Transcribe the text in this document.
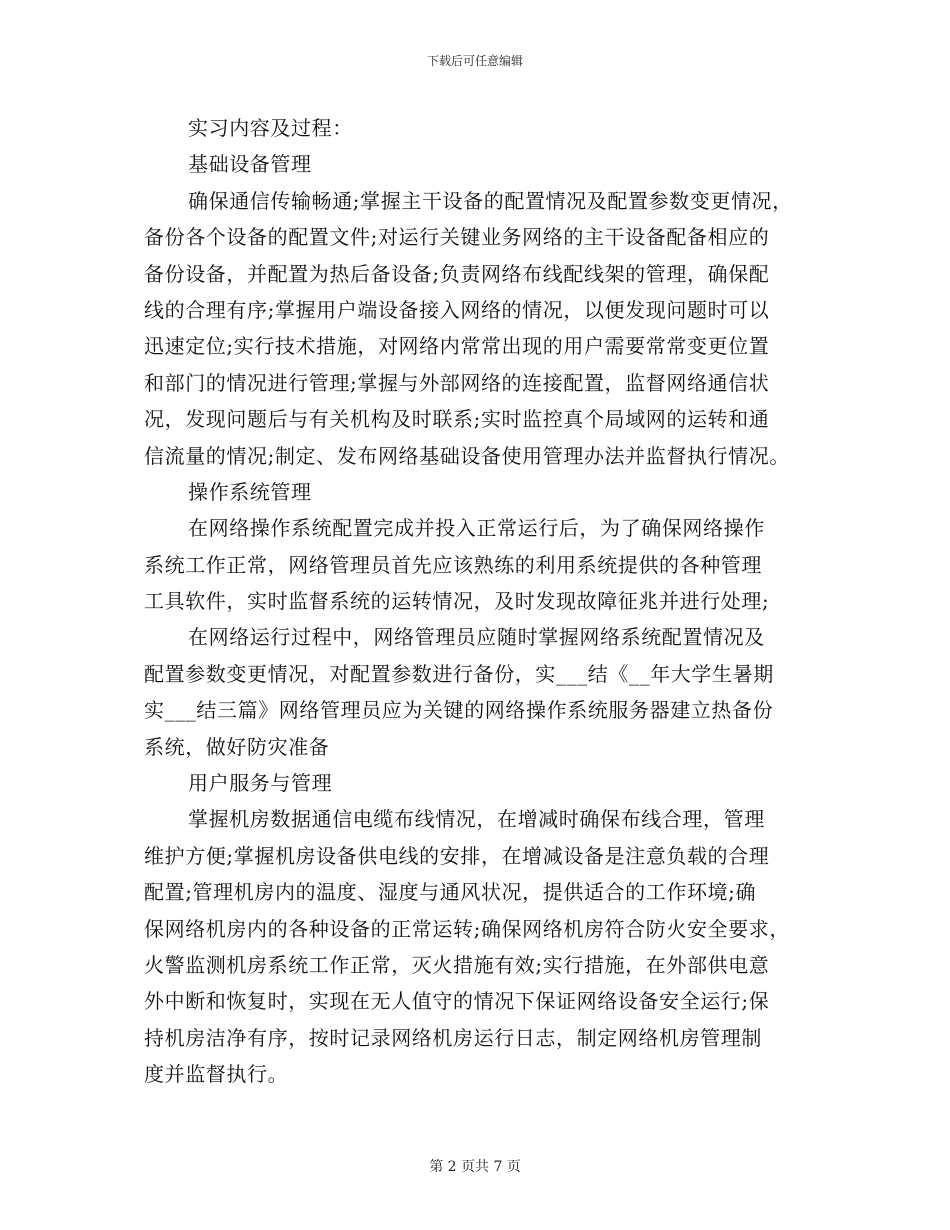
下载后可任意编辑
实习内容及过程：
基础设备管理
确保通信传输畅通;掌握主干设备的配置情况及配置参数变更情况，
备份各个设备的配置文件;对运行关键业务网络的主干设备配备相应的
备份设备，并配置为热后备设备;负责网络布线配线架的管理，确保配
线的合理有序;掌握用户端设备接入网络的情况，以便发现问题时可以
迅速定位;实行技术措施，对网络内常常出现的用户需要常常变更位置
和部门的情况进行管理;掌握与外部网络的连接配置，监督网络通信状
况，发现问题后与有关机构及时联系;实时监控真个局域网的运转和通
信流量的情况;制定、发布网络基础设备使用管理办法并监督执行情况。
操作系统管理
在网络操作系统配置完成并投入正常运行后，为了确保网络操作
系统工作正常，网络管理员首先应该熟练的利用系统提供的各种管理
工具软件，实时监督系统的运转情况，及时发现故障征兆并进行处理;
在网络运行过程中，网络管理员应随时掌握网络系统配置情况及
配置参数变更情况，对配置参数进行备份，实___结《__年大学生暑期
实___结三篇》网络管理员应为关键的网络操作系统服务器建立热备份
系统，做好防灾准备
用户服务与管理
掌握机房数据通信电缆布线情况，在增减时确保布线合理，管理
维护方便;掌握机房设备供电线的安排，在增减设备是注意负载的合理
配置;管理机房内的温度、湿度与通风状况，提供适合的工作环境;确
保网络机房内的各种设备的正常运转;确保网络机房符合防火安全要求，
火警监测机房系统工作正常，灭火措施有效;实行措施，在外部供电意
外中断和恢复时，实现在无人值守的情况下保证网络设备安全运行;保
持机房洁净有序，按时记录网络机房运行日志，制定网络机房管理制
度并监督执行。
第 2 页共 7 页
